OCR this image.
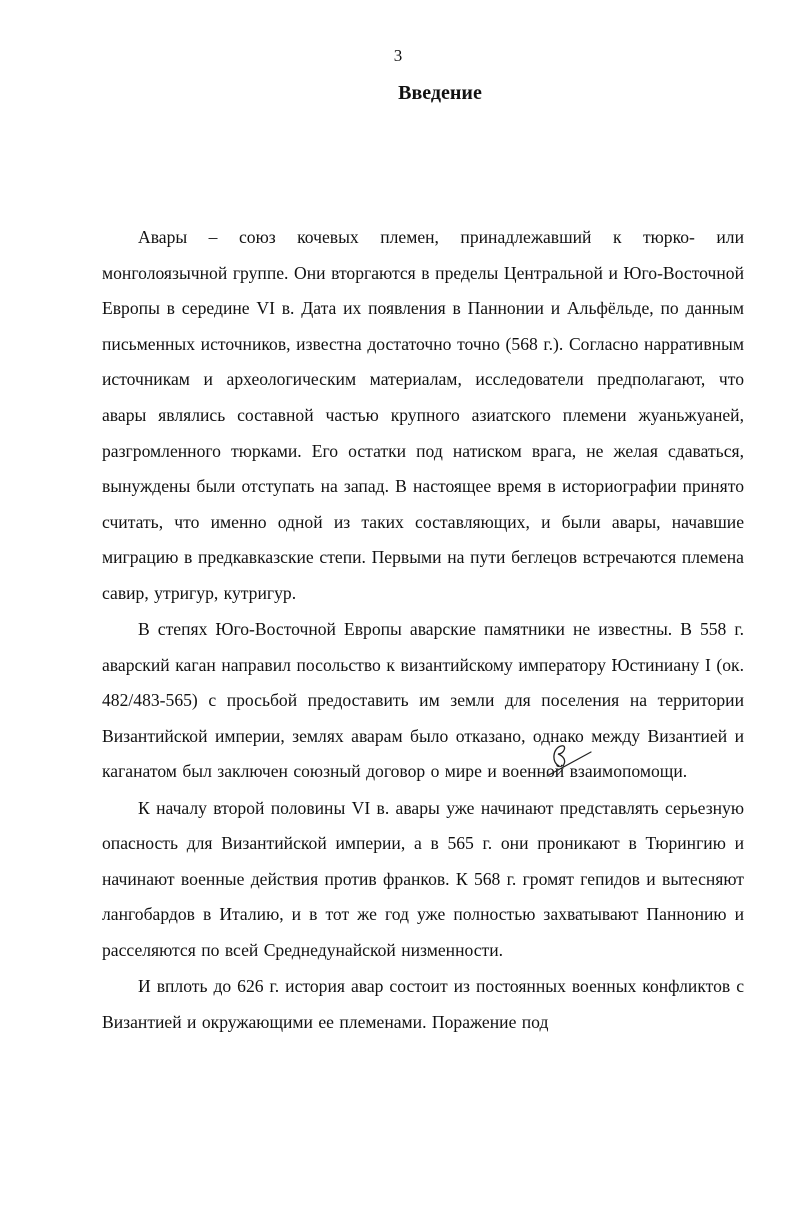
3
Введение

Авары – союз кочевых племен, принадлежавший к тюрко- или монголоязычной группе. Они вторгаются в пределы Центральной и Юго-Восточной Европы в середине VI в. Дата их появления в Паннонии и Альфёльде, по данным письменных источников, известна достаточно точно (568 г.). Согласно нарративным источникам и археологическим материалам, исследователи предполагают, что авары являлись составной частью крупного азиатского племени жуаньжуаней, разгромленного тюрками. Его остатки под натиском врага, не желая сдаваться, вынуждены были отступать на запад. В настоящее время в историографии принято считать, что именно одной из таких составляющих, и были авары, начавшие миграцию в предкавказские степи. Первыми на пути беглецов встречаются племена савир, утригур, кутригур.

В степях Юго-Восточной Европы аварские памятники не известны. В 558 г. аварский каган направил посольство к византийскому императору Юстиниану I (ок. 482/483-565) с просьбой предоставить им земли для поселения на территории Византийской империи, землях аварам было отказано, однако между Византией и каганатом был заключен союзный договор о мире и военной взаимопомощи.

К началу второй половины VI в. авары уже начинают представлять серьезную опасность для Византийской империи, а в 565 г. они проникают в Тюрингию и начинают военные действия против франков. К 568 г. громят гепидов и вытесняют лангобардов в Италию, и в тот же год уже полностью захватывают Паннонию и расселяются по всей Среднедунайской низменности.

И вплоть до 626 г. история авар состоит из постоянных военных конфликтов с Византией и окружающими ее племенами. Поражение под
